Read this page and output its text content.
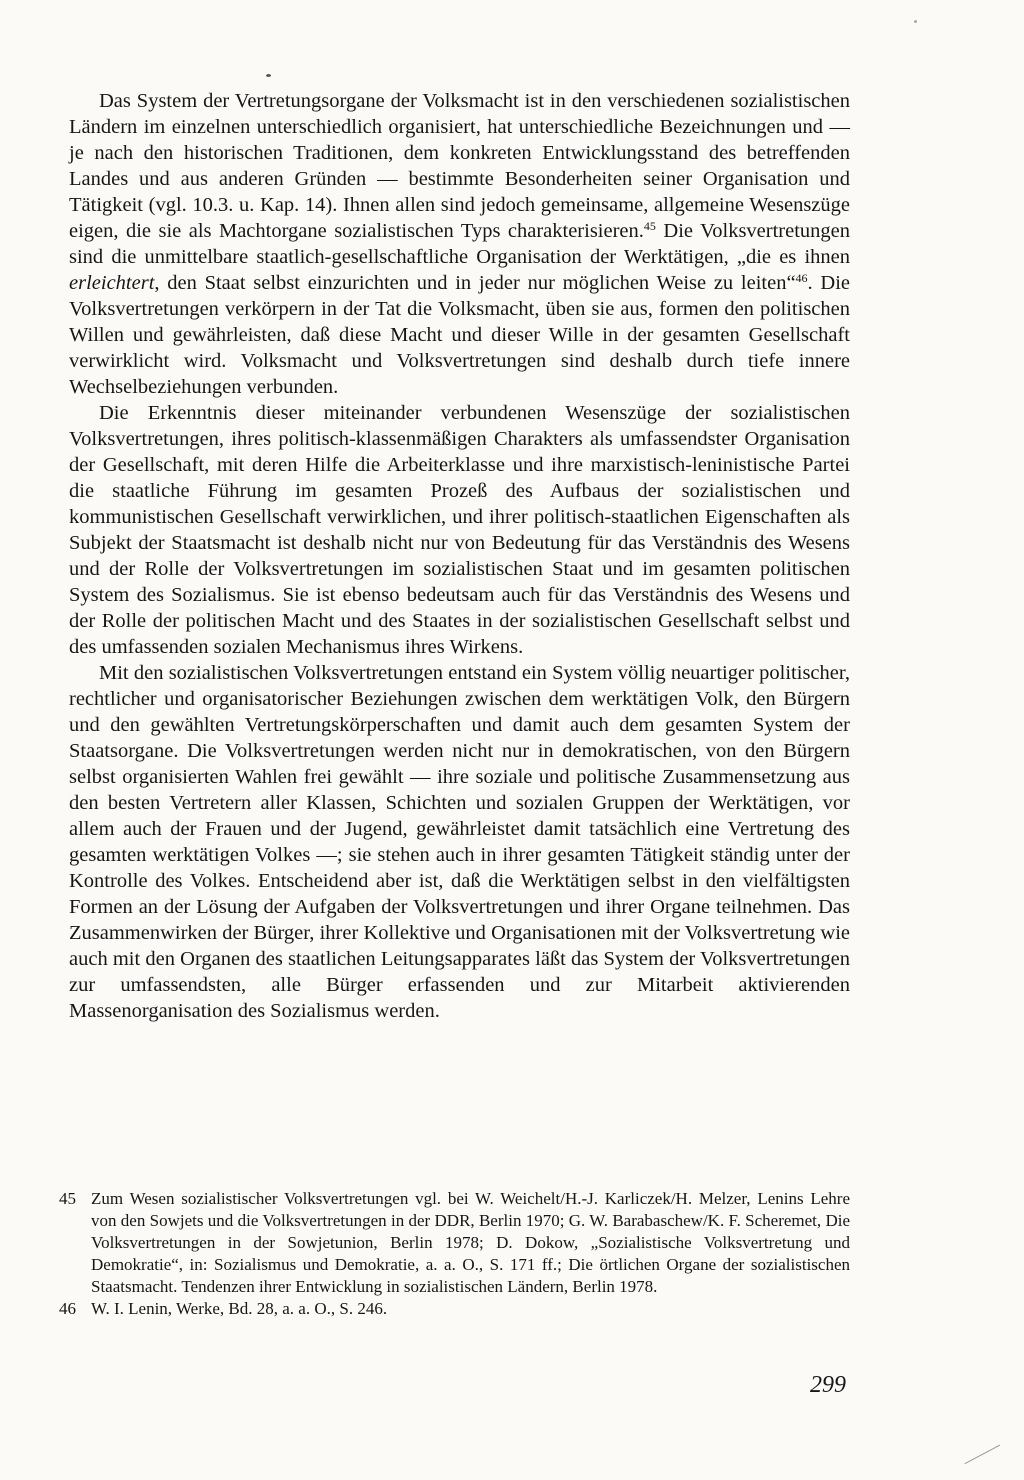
Das System der Vertretungsorgane der Volksmacht ist in den verschiedenen sozialistischen Ländern im einzelnen unterschiedlich organisiert, hat unterschiedliche Bezeichnungen und — je nach den historischen Traditionen, dem konkreten Entwicklungsstand des betreffenden Landes und aus anderen Gründen — bestimmte Besonderheiten seiner Organisation und Tätigkeit (vgl. 10.3. u. Kap. 14). Ihnen allen sind jedoch gemeinsame, allgemeine Wesenszüge eigen, die sie als Machtorgane sozialistischen Typs charakterisieren.$^{45}$ Die Volksvertretungen sind die unmittelbare staatlich-gesellschaftliche Organisation der Werktätigen, „die es ihnen erleichtert, den Staat selbst einzurichten und in jeder nur möglichen Weise zu leiten“$^{46}$. Die Volksvertretungen verkörpern in der Tat die Volksmacht, üben sie aus, formen den politischen Willen und gewährleisten, daß diese Macht und dieser Wille in der gesamten Gesellschaft verwirklicht wird. Volksmacht und Volksvertretungen sind deshalb durch tiefe innere Wechselbeziehungen verbunden.

Die Erkenntnis dieser miteinander verbundenen Wesenszüge der sozialistischen Volksvertretungen, ihres politisch-klassenmäßigen Charakters als umfassendster Organisation der Gesellschaft, mit deren Hilfe die Arbeiterklasse und ihre marxistisch-leninistische Partei die staatliche Führung im gesamten Prozeß des Aufbaus der sozialistischen und kommunistischen Gesellschaft verwirklichen, und ihrer politisch-staatlichen Eigenschaften als Subjekt der Staatsmacht ist deshalb nicht nur von Bedeutung für das Verständnis des Wesens und der Rolle der Volksvertretungen im sozialistischen Staat und im gesamten politischen System des Sozialismus. Sie ist ebenso bedeutsam auch für das Verständnis des Wesens und der Rolle der politischen Macht und des Staates in der sozialistischen Gesellschaft selbst und des umfassenden sozialen Mechanismus ihres Wirkens.

Mit den sozialistischen Volksvertretungen entstand ein System völlig neuartiger politischer, rechtlicher und organisatorischer Beziehungen zwischen dem werktätigen Volk, den Bürgern und den gewählten Vertretungskörperschaften und damit auch dem gesamten System der Staatsorgane. Die Volksvertretungen werden nicht nur in demokratischen, von den Bürgern selbst organisierten Wahlen frei gewählt — ihre soziale und politische Zusammensetzung aus den besten Vertretern aller Klassen, Schichten und sozialen Gruppen der Werktätigen, vor allem auch der Frauen und der Jugend, gewährleistet damit tatsächlich eine Vertretung des gesamten werktätigen Volkes —; sie stehen auch in ihrer gesamten Tätigkeit ständig unter der Kontrolle des Volkes. Entscheidend aber ist, daß die Werktätigen selbst in den vielfältigsten Formen an der Lösung der Aufgaben der Volksvertretungen und ihrer Organe teilnehmen. Das Zusammenwirken der Bürger, ihrer Kollektive und Organisationen mit der Volksvertretung wie auch mit den Organen des staatlichen Leitungsapparates läßt das System der Volksvertretungen zur umfassendsten, alle Bürger erfassenden und zur Mitarbeit aktivierenden Massenorganisation des Sozialismus werden.

45 Zum Wesen sozialistischer Volksvertretungen vgl. bei W. Weichelt/H.-J. Karliczek/H. Melzer, Lenins Lehre von den Sowjets und die Volksvertretungen in der DDR, Berlin 1970; G. W. Barabaschew/K. F. Scheremet, Die Volksvertretungen in der Sowjetunion, Berlin 1978; D. Dokow, „Sozialistische Volksvertretung und Demokratie“, in: Sozialismus und Demokratie, a. a. O., S. 171 ff.; Die örtlichen Organe der sozialistischen Staatsmacht. Tendenzen ihrer Entwicklung in sozialistischen Ländern, Berlin 1978.
46 W. I. Lenin, Werke, Bd. 28, a. a. O., S. 246.
299
